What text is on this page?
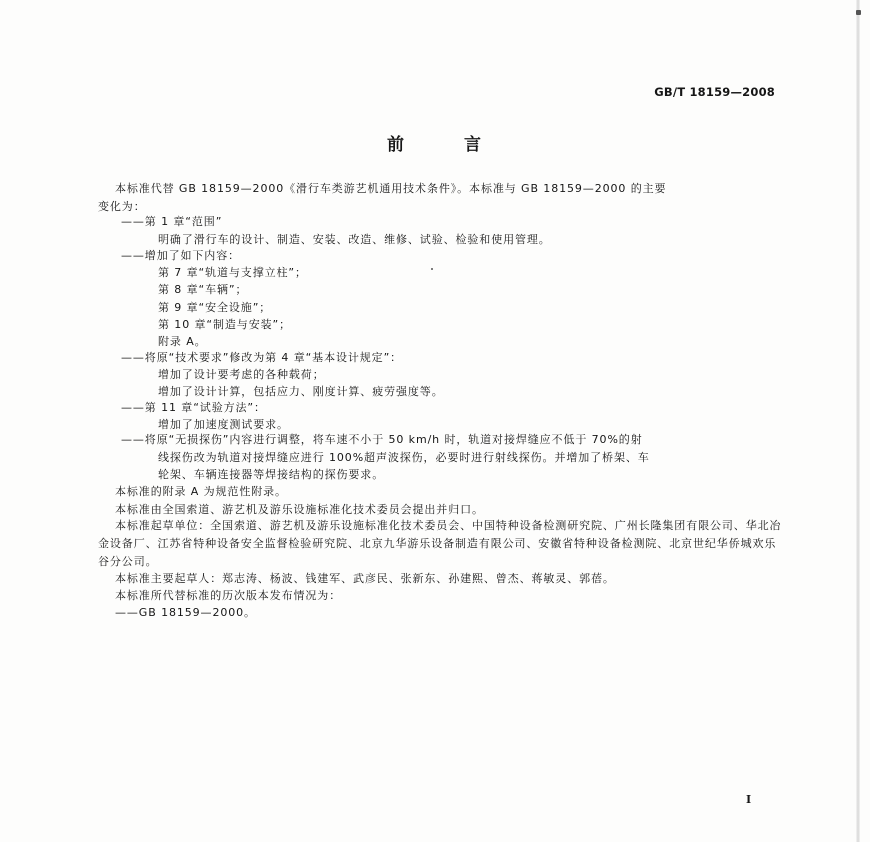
GB/T 18159—2008
前	言
本标准代替 GB 18159—2000《滑行车类游艺机通用技术条件》。本标准与 GB 18159—2000 的主要
变化为：
——第 1 章“范围”
明确了滑行车的设计、制造、安装、改造、维修、试验、检验和使用管理。
——增加了如下内容：
第 7 章“轨道与支撑立柱”；
第 8 章“车辆”；
第 9 章“安全设施”；
第 10 章“制造与安装”；
附录 A。
——将原“技术要求”修改为第 4 章“基本设计规定”：
增加了设计要考虑的各种载荷；
增加了设计计算，包括应力、刚度计算、疲劳强度等。
——第 11 章“试验方法”：
增加了加速度测试要求。
——将原“无损探伤”内容进行调整，将车速不小于 50 km/h 时，轨道对接焊缝应不低于 70%的射
线探伤改为轨道对接焊缝应进行 100%超声波探伤，必要时进行射线探伤。并增加了桥架、车
轮架、车辆连接器等焊接结构的探伤要求。
本标准的附录 A 为规范性附录。
本标准由全国索道、游艺机及游乐设施标准化技术委员会提出并归口。
本标准起草单位：全国索道、游艺机及游乐设施标准化技术委员会、中国特种设备检测研究院、广州长隆集团有限公司、华北冶金设备厂、江苏省特种设备安全监督检验研究院、北京九华游乐设备制造有限公司、安徽省特种设备检测院、北京世纪华侨城欢乐谷分公司。
本标准主要起草人：郑志涛、杨波、钱建军、武彦民、张新东、孙建熙、曾杰、蒋敏灵、郭蓓。
本标准所代替标准的历次版本发布情况为：
——GB 18159—2000。
I
